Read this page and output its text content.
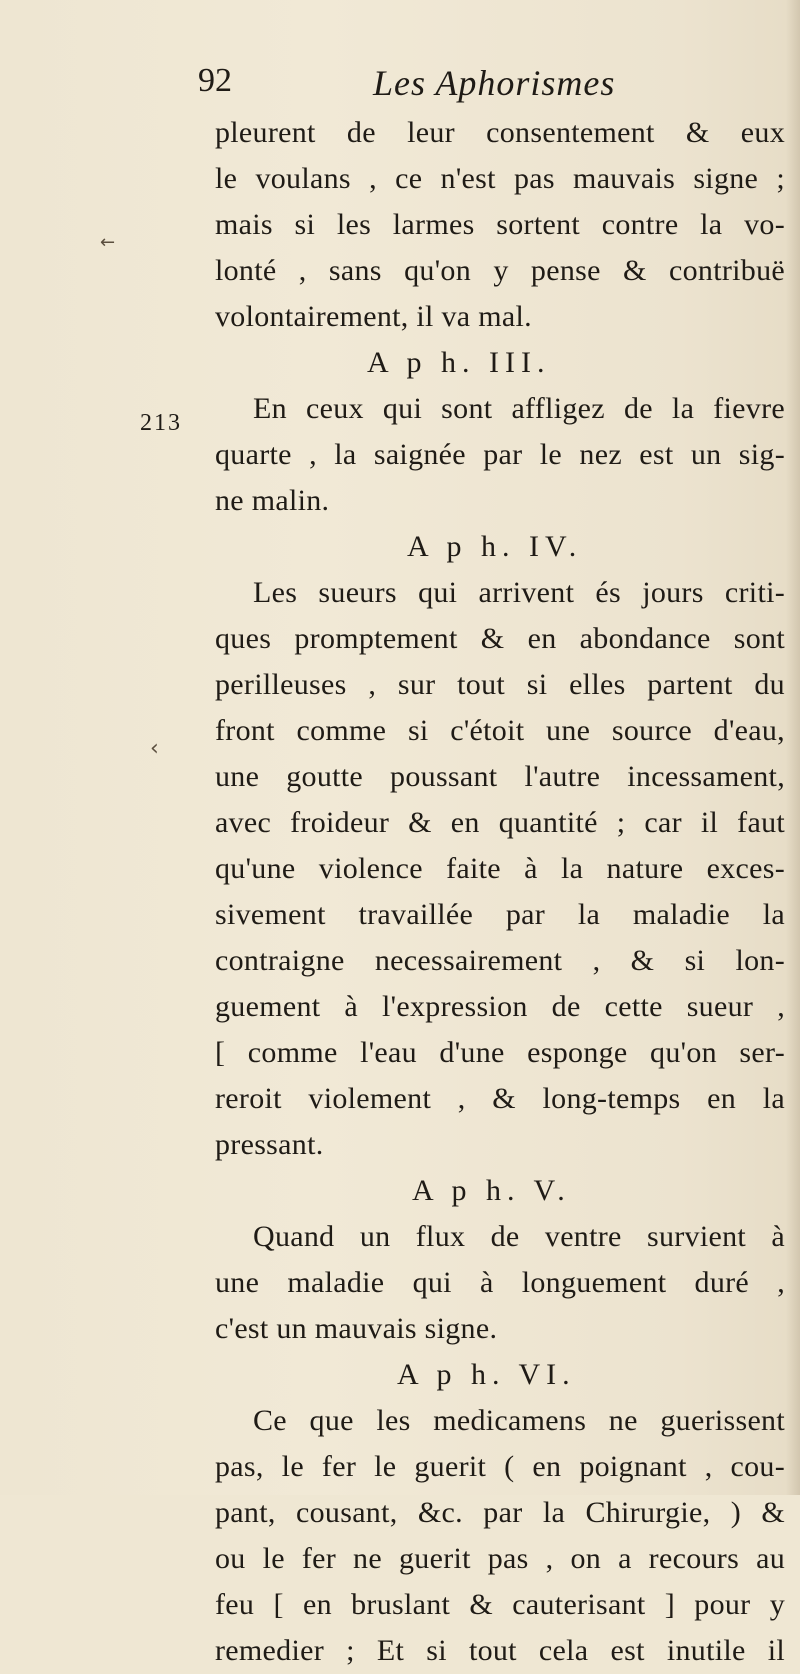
92	Les Aphorismes
213
←
‹
pleurent de leur consentement & eux
le voulans , ce n'est pas mauvais signe ;
mais si les larmes sortent contre la vo-
lonté , sans qu'on y pense & contribuë
volontairement, il va mal.
A p h. III.
En ceux qui sont affligez de la fievre
quarte , la saignée par le nez est un sig-
ne malin.
A p h. IV.
Les sueurs qui arrivent és jours criti-
ques promptement & en abondance sont
perilleuses , sur tout si elles partent du
front comme si c'étoit une source d'eau,
une goutte poussant l'autre incessament,
avec froideur & en quantité ; car il faut
qu'une violence faite à la nature exces-
sivement travaillée par la maladie la
contraigne necessairement , & si lon-
guement à l'expression de cette sueur ,
[ comme l'eau d'une esponge qu'on ser-
reroit violement , & long-temps en la
pressant.
A p h. V.
Quand un flux de ventre survient à
une maladie qui à longuement duré ,
c'est un mauvais signe.
A p h. VI.
Ce que les medicamens ne guerissent
pas, le fer le guerit ( en poignant , cou-
pant, cousant, &c. par la Chirurgie, ) &
ou le fer ne guerit pas , on a recours au
feu [ en bruslant & cauterisant ] pour y
remedier ; Et si tout cela est inutile il
